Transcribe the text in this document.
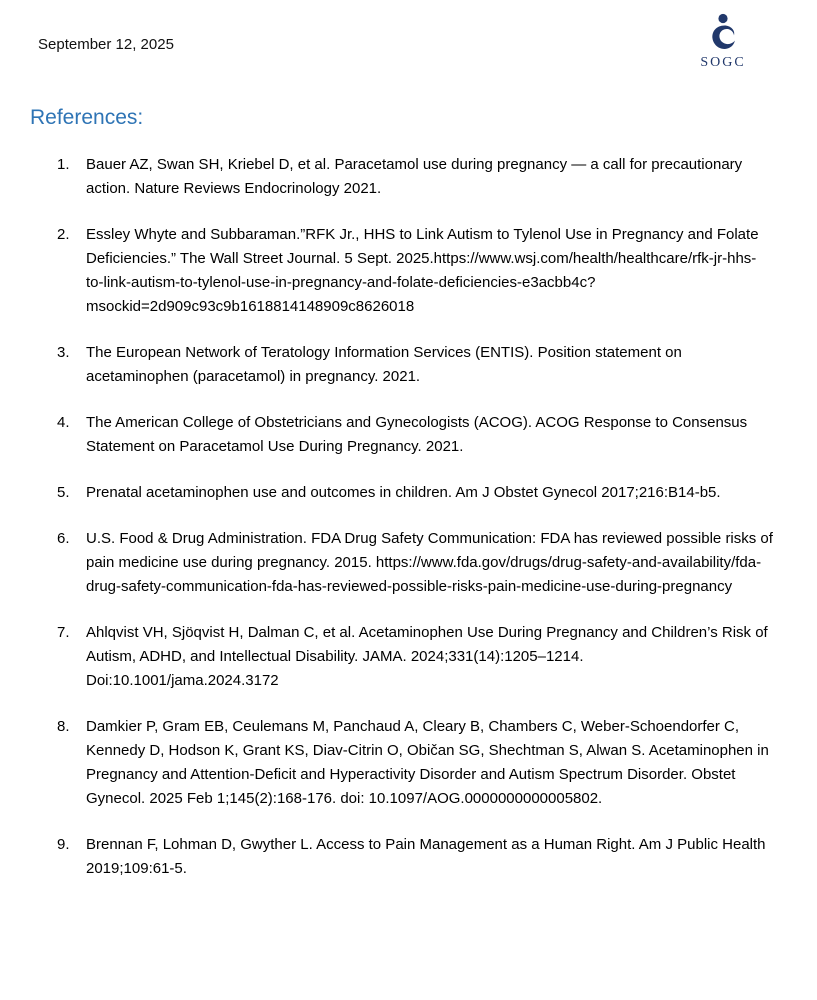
September 12, 2025
SOGC
References:
1.	Bauer AZ, Swan SH, Kriebel D, et al. Paracetamol use during pregnancy — a call for precautionary action. Nature Reviews Endocrinology 2021.
2.	Essley Whyte and Subbaraman.”RFK Jr., HHS to Link Autism to Tylenol Use in Pregnancy and Folate Deficiencies.” The Wall Street Journal. 5 Sept. 2025.https://www.wsj.com/health/healthcare/rfk-jr-hhs-to-link-autism-to-tylenol-use-in-pregnancy-and-folate-deficiencies-e3acbb4c?msockid=2d909c93c9b1618814148909c8626018
3.	The European Network of Teratology Information Services (ENTIS). Position statement on acetaminophen (paracetamol) in pregnancy. 2021.
4.	The American College of Obstetricians and Gynecologists (ACOG). ACOG Response to Consensus Statement on Paracetamol Use During Pregnancy. 2021.
5.	Prenatal acetaminophen use and outcomes in children. Am J Obstet Gynecol 2017;216:B14-b5.
6.	U.S. Food & Drug Administration. FDA Drug Safety Communication: FDA has reviewed possible risks of pain medicine use during pregnancy. 2015. https://www.fda.gov/drugs/drug-safety-and-availability/fda-drug-safety-communication-fda-has-reviewed-possible-risks-pain-medicine-use-during-pregnancy
7.	Ahlqvist VH, Sjöqvist H, Dalman C, et al. Acetaminophen Use During Pregnancy and Children’s Risk of Autism, ADHD, and Intellectual Disability. JAMA. 2024;331(14):1205–1214. Doi:10.1001/jama.2024.3172
8.	Damkier P, Gram EB, Ceulemans M, Panchaud A, Cleary B, Chambers C, Weber-Schoendorfer C, Kennedy D, Hodson K, Grant KS, Diav-Citrin O, Običan SG, Shechtman S, Alwan S. Acetaminophen in Pregnancy and Attention-Deficit and Hyperactivity Disorder and Autism Spectrum Disorder. Obstet Gynecol. 2025 Feb 1;145(2):168-176. doi: 10.1097/AOG.0000000000005802.
9.	Brennan F, Lohman D, Gwyther L. Access to Pain Management as a Human Right. Am J Public Health 2019;109:61-5.
